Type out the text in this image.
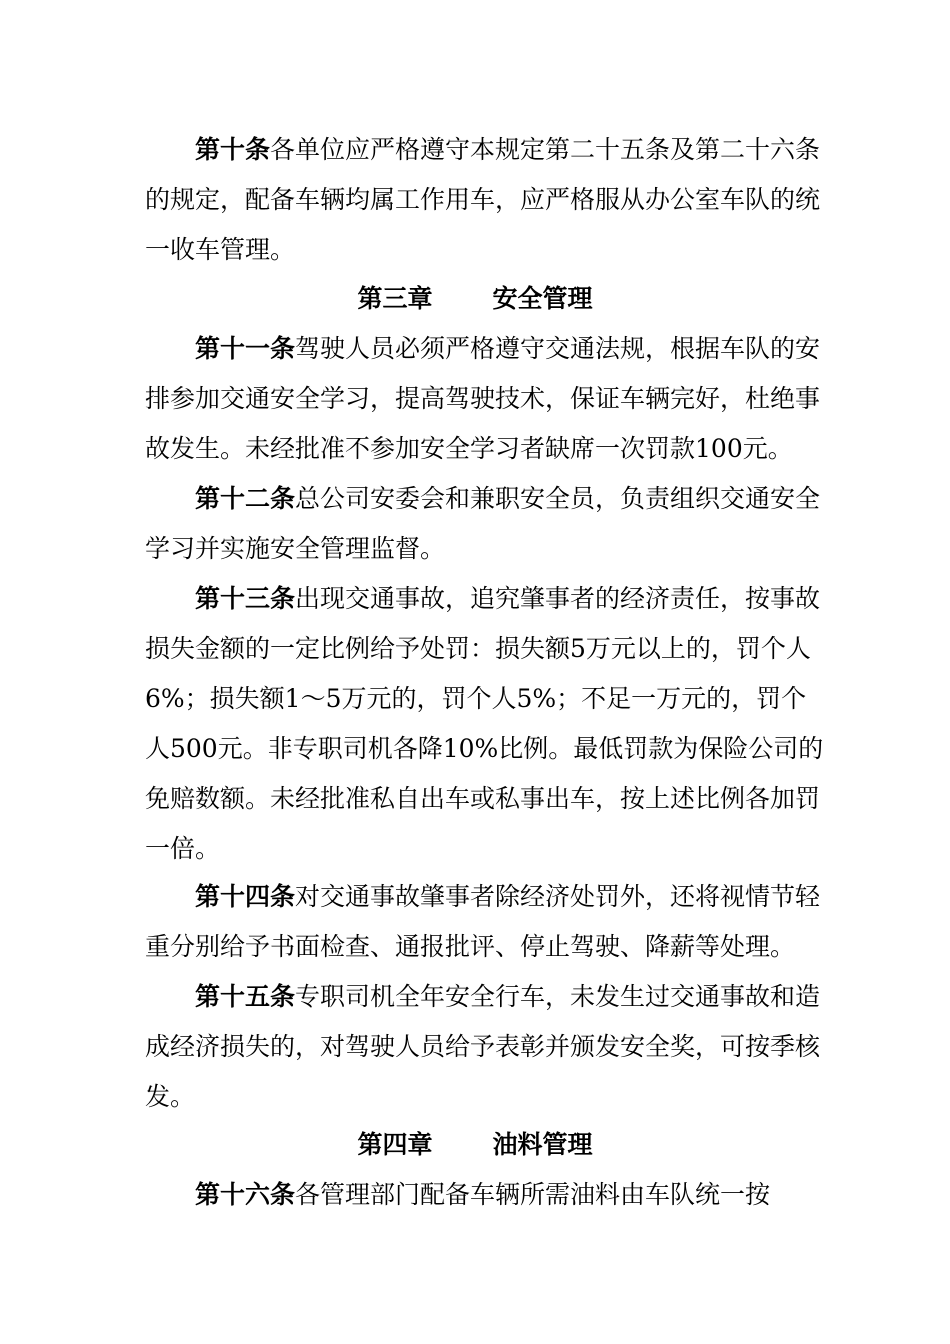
第十条各单位应严格遵守本规定第二十五条及第二十六条的规定，配备车辆均属工作用车，应严格服从办公室车队的统一收车管理。

第三章 安全管理

第十一条驾驶人员必须严格遵守交通法规，根据车队的安排参加交通安全学习，提高驾驶技术，保证车辆完好，杜绝事故发生。未经批准不参加安全学习者缺席一次罚款100元。

第十二条总公司安委会和兼职安全员，负责组织交通安全学习并实施安全管理监督。

第十三条出现交通事故，追究肇事者的经济责任，按事故损失金额的一定比例给予处罚：损失额5万元以上的，罚个人6%；损失额1～5万元的，罚个人5%；不足一万元的，罚个人500元。非专职司机各降10%比例。最低罚款为保险公司的免赔数额。未经批准私自出车或私事出车，按上述比例各加罚一倍。

第十四条对交通事故肇事者除经济处罚外，还将视情节轻重分别给予书面检查、通报批评、停止驾驶、降薪等处理。

第十五条专职司机全年安全行车，未发生过交通事故和造成经济损失的，对驾驶人员给予表彰并颁发安全奖，可按季核发。

第四章 油料管理

第十六条各管理部门配备车辆所需油料由车队统一按
